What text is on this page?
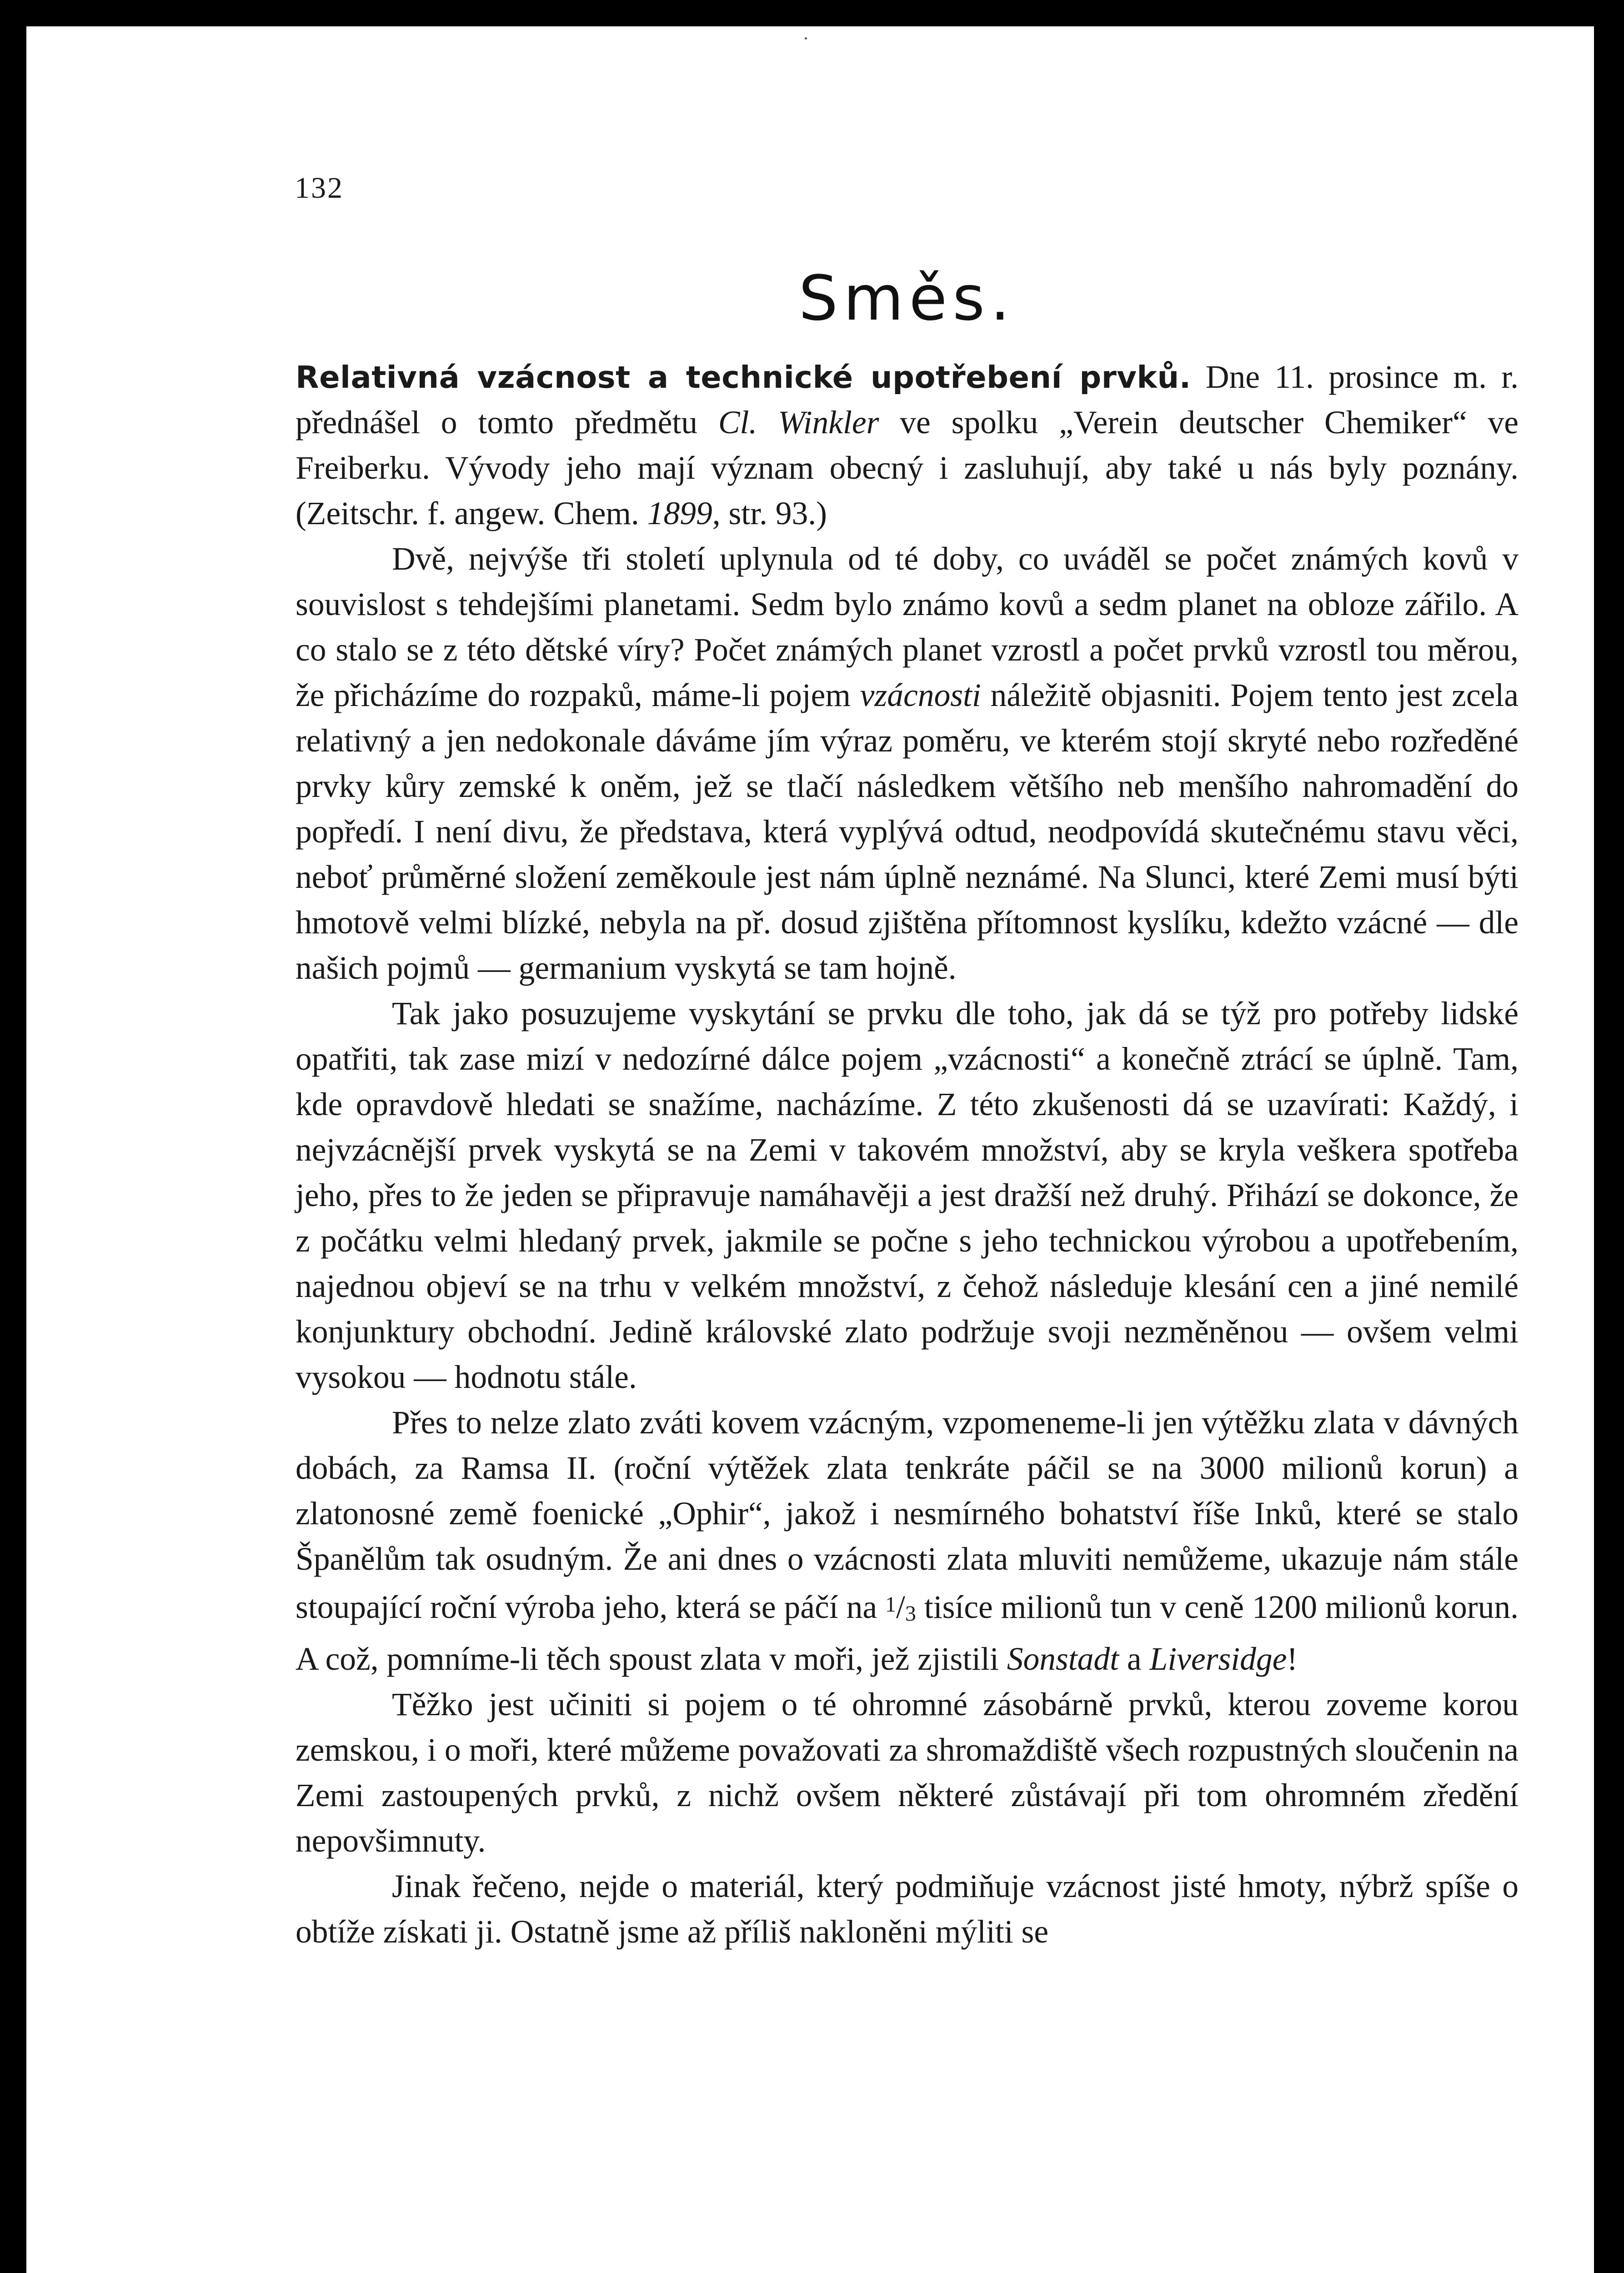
132

Směs.

Relativná vzácnost a technické upotřebení prvků. Dne 11. prosince m. r. přednášel o tomto předmětu Cl. Winkler ve spolku „Verein deutscher Chemiker“ ve Freiberku. Vývody jeho mají význam obecný i zasluhují, aby také u nás byly poznány. (Zeitschr. f. angew. Chem. 1899, str. 93.)

Dvě, nejvýše tři století uplynula od té doby, co uváděl se počet známých kovů v souvislost s tehdejšími planetami. Sedm bylo známo kovů a sedm planet na obloze zářilo. A co stalo se z této dětské víry? Počet známých planet vzrostl a počet prvků vzrostl tou měrou, že přicházíme do rozpaků, máme-li pojem vzácnosti náležitě objasniti. Pojem tento jest zcela relativný a jen nedokonale dáváme jím výraz poměru, ve kterém stojí skryté nebo rozředěné prvky kůry zemské k oněm, jež se tlačí následkem většího neb menšího nahromadění do popředí. I není divu, že představa, která vyplývá odtud, neodpovídá skutečnému stavu věci, neboť průměrné složení zeměkoule jest nám úplně neznámé. Na Slunci, které Zemi musí býti hmotově velmi blízké, nebyla na př. dosud zjištěna přítomnost kyslíku, kdežto vzácné — dle našich pojmů — germanium vyskytá se tam hojně.

Tak jako posuzujeme vyskytání se prvku dle toho, jak dá se týž pro potřeby lidské opatřiti, tak zase mizí v nedozírné dálce pojem „vzácnosti“ a konečně ztrácí se úplně. Tam, kde opravdově hledati se snažíme, nacházíme. Z této zkušenosti dá se uzavírati: Každý, i nejvzácnější prvek vyskytá se na Zemi v takovém množství, aby se kryla veškera spotřeba jeho, přes to že jeden se připravuje namáhavěji a jest dražší než druhý. Přihází se dokonce, že z počátku velmi hledaný prvek, jakmile se počne s jeho technickou výrobou a upotřebením, najednou objeví se na trhu v velkém množství, z čehož následuje klesání cen a jiné nemilé konjunktury obchodní. Jedině královské zlato podržuje svoji nezměněnou — ovšem velmi vysokou — hodnotu stále.

Přes to nelze zlato zváti kovem vzácným, vzpomeneme-li jen výtěžku zlata v dávných dobách, za Ramsa II. (roční výtěžek zlata tenkráte páčil se na 3000 milionů korun) a zlatonosné země foenické „Ophir“, jakož i nesmírného bohatství říše Inků, které se stalo Španělům tak osudným. Že ani dnes o vzácnosti zlata mluviti nemůžeme, ukazuje nám stále stoupající roční výroba jeho, která se páčí na 1/3 tisíce milionů tun v ceně 1200 milionů korun. A což, pomníme-li těch spoust zlata v moři, jež zjistili Sonstadt a Liversidge!

Těžko jest učiniti si pojem o té ohromné zásobárně prvků, kterou zoveme korou zemskou, i o moři, které můžeme považovati za shromaždiště všech rozpustných sloučenin na Zemi zastoupených prvků, z nichž ovšem některé zůstávají při tom ohromném zředění nepovšimnuty.

Jinak řečeno, nejde o materiál, který podmiňuje vzácnost jisté hmoty, nýbrž spíše o obtíže získati ji. Ostatně jsme až příliš nakloněni mýliti se
